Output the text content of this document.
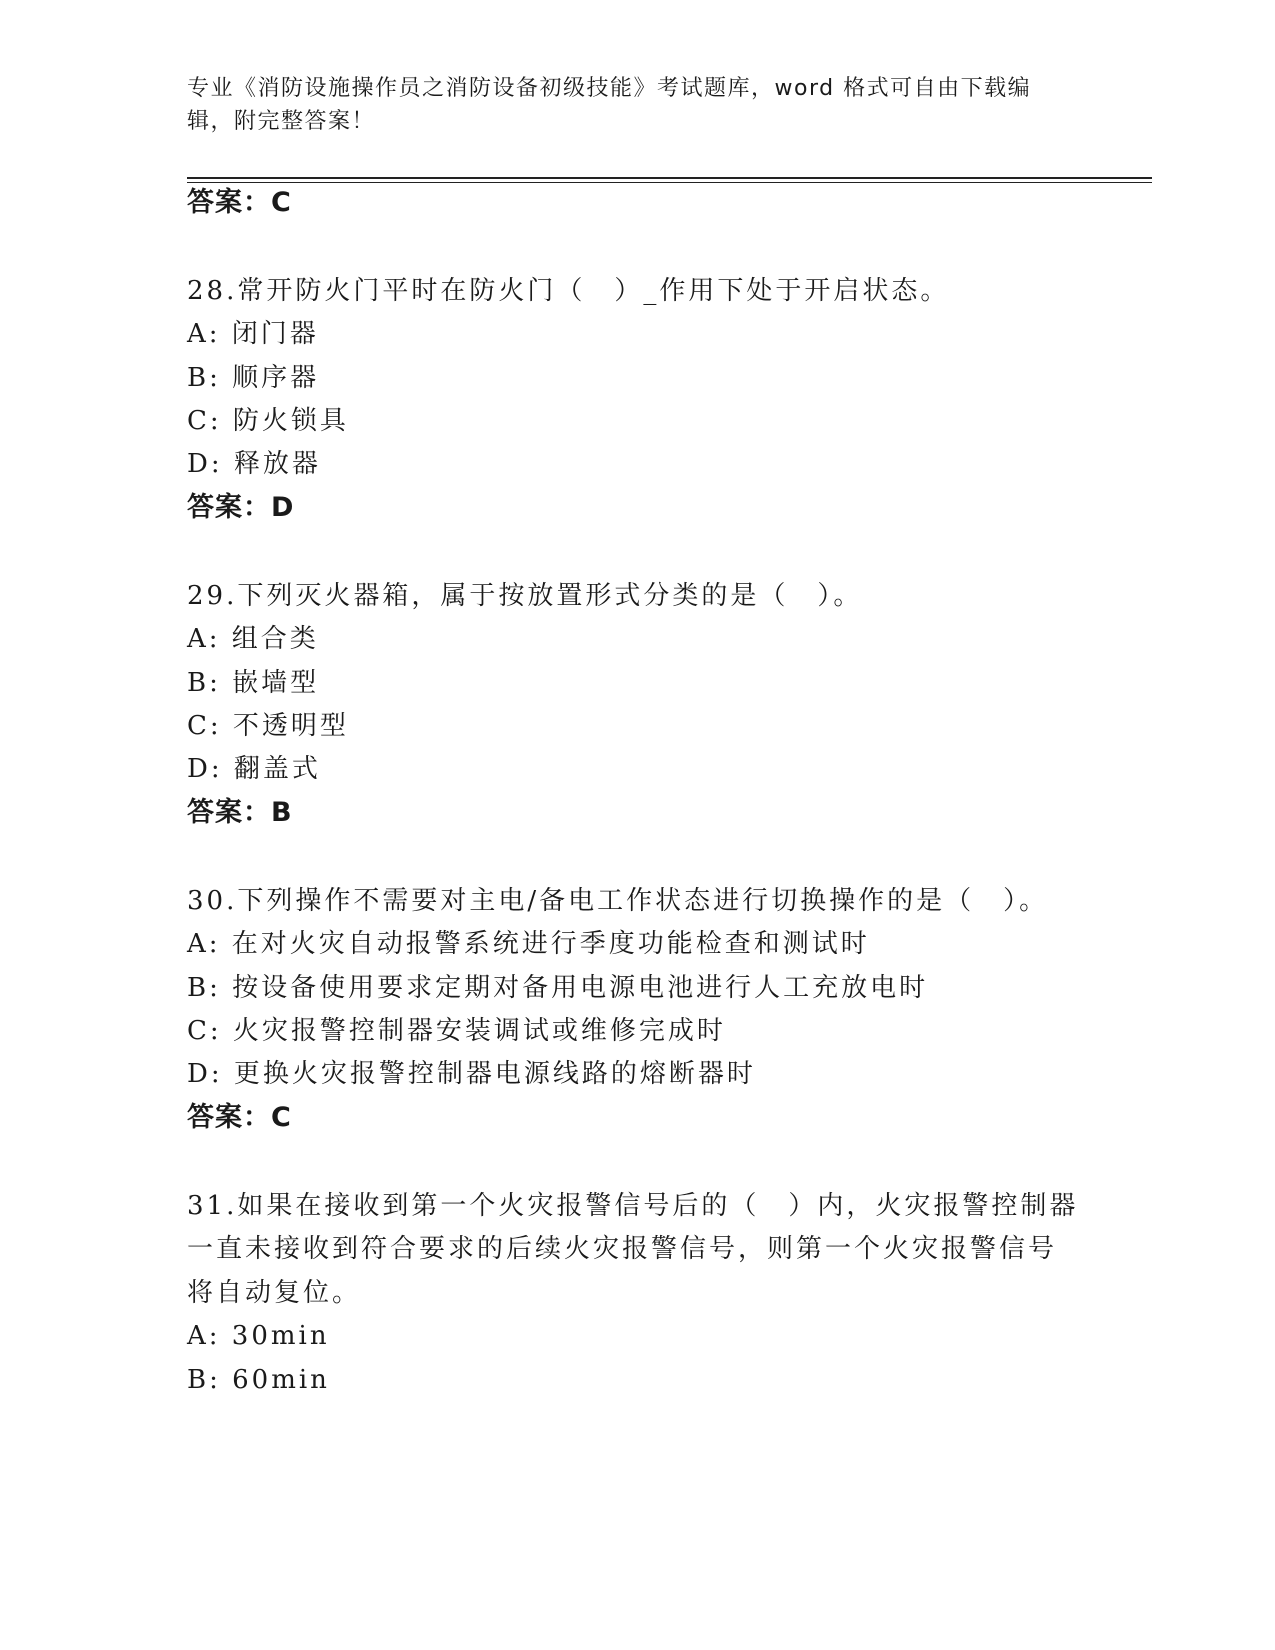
专业《消防设施操作员之消防设备初级技能》考试题库，word 格式可自由下载编
辑，附完整答案！
答案：C
28.常开防火门平时在防火门（　）_作用下处于开启状态。
A: 闭门器
B: 顺序器
C: 防火锁具
D: 释放器
答案：D
29.下列灭火器箱，属于按放置形式分类的是（　）。
A: 组合类
B: 嵌墙型
C: 不透明型
D: 翻盖式
答案：B
30.下列操作不需要对主电/备电工作状态进行切换操作的是（　）。
A: 在对火灾自动报警系统进行季度功能检查和测试时
B: 按设备使用要求定期对备用电源电池进行人工充放电时
C: 火灾报警控制器安装调试或维修完成时
D: 更换火灾报警控制器电源线路的熔断器时
答案：C
31.如果在接收到第一个火灾报警信号后的（　）内，火灾报警控制器
一直未接收到符合要求的后续火灾报警信号，则第一个火灾报警信号
将自动复位。
A: 30min
B: 60min
